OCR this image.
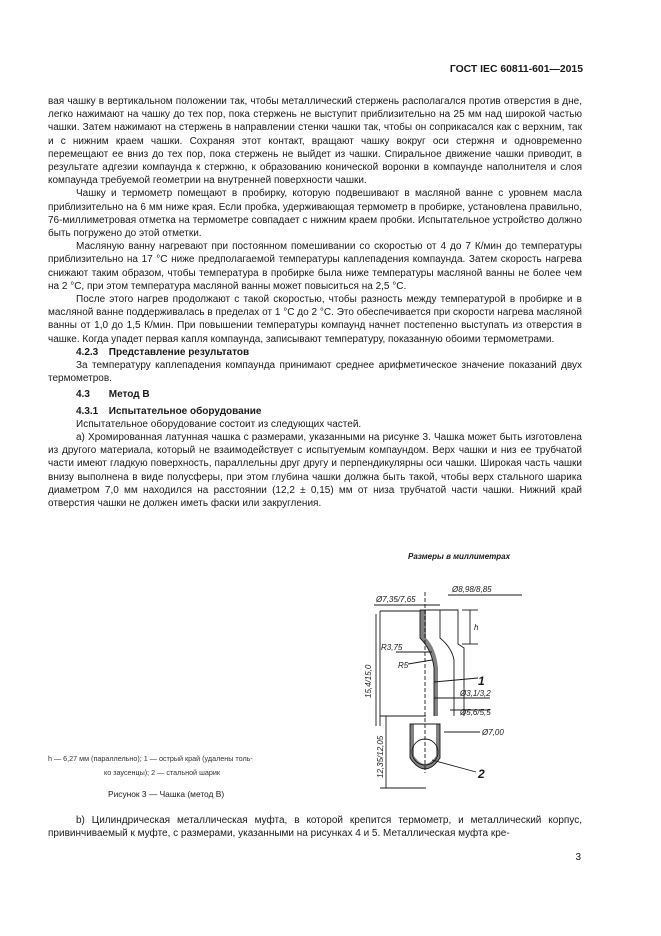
ГОСТ IEC 60811-601—2015

вая чашку в вертикальном положении так, чтобы металлический стержень располагался против отверстия в дне, легко нажимают на чашку до тех пор, пока стержень не выступит приблизительно на 25 мм над широкой частью чашки. Затем нажимают на стержень в направлении стенки чашки так, чтобы он соприкасался как с верхним, так и с нижним краем чашки. Сохраняя этот контакт, вращают чашку вокруг оси стержня и одновременно перемещают ее вниз до тех пор, пока стержень не выйдет из чашки. Спиральное движение чашки приводит, в результате адгезии компаунда к стержню, к образованию конической воронки в компаунде наполнителя и слоя компаунда требуемой геометрии на внутренней поверхности чашки.

Чашку и термометр помещают в пробирку, которую подвешивают в масляной ванне с уровнем масла приблизительно на 6 мм ниже края. Если пробка, удерживающая термометр в пробирке, установлена правильно, 76-миллиметровая отметка на термометре совпадает с нижним краем пробки. Испытательное устройство должно быть погружено до этой отметки.

Масляную ванну нагревают при постоянном помешивании со скоростью от 4 до 7 К/мин до температуры приблизительно на 17 °С ниже предполагаемой температуры каплепадения компаунда. Затем скорость нагрева снижают таким образом, чтобы температура в пробирке была ниже температуры масляной ванны не более чем на 2 °С, при этом температура масляной ванны может повыситься на 2,5 °С.

После этого нагрев продолжают с такой скоростью, чтобы разность между температурой в пробирке и в масляной ванне поддерживалась в пределах от 1 °С до 2 °С. Это обеспечивается при скорости нагрева масляной ванны от 1,0 до 1,5 К/мин. При повышении температуры компаунд начнет постепенно выступать из отверстия в чашке. Когда упадет первая капля компаунда, записывают температуру, показанную обоими термометрами.

4.2.3 Представление результатов

За температуру каплепадения компаунда принимают среднее арифметическое значение показаний двух термометров.

4.3 Метод В
4.3.1 Испытательное оборудование

Испытательное оборудование состоит из следующих частей.

а) Хромированная латунная чашка с размерами, указанными на рисунке 3. Чашка может быть изготовлена из другого материала, который не взаимодействует с испытуемым компаундом. Верх чашки и низ ее трубчатой части имеют гладкую поверхность, параллельны друг другу и перпендикулярны оси чашки. Широкая часть чашки внизу выполнена в виде полусферы, при этом глубина чашки должна быть такой, чтобы верх стального шарика диаметром 7,0 мм находился на расстоянии (12,2 ± 0,15) мм от низа трубчатой части чашки. Нижний край отверстия чашки не должен иметь фаски или закругления.

Размеры в миллиметрах
Ø8,98/8,85
Ø7,35/7,65
h
15,4/15,0
R3,75
R5
1
Ø3,1/3,2
Ø5,6/5,5
12,35/12,05
Ø7,00
2
h — 6,27 мм (параллельно); 1 — острый край (удалены толь-
ко заусенцы); 2 — стальной шарик
Рисунок 3 — Чашка (метод В)

b) Цилиндрическая металлическая муфта, в которой крепится термометр, и металлический корпус, привинчиваемый к муфте, с размерами, указанными на рисунках 4 и 5. Металлическая муфта кре-

3
